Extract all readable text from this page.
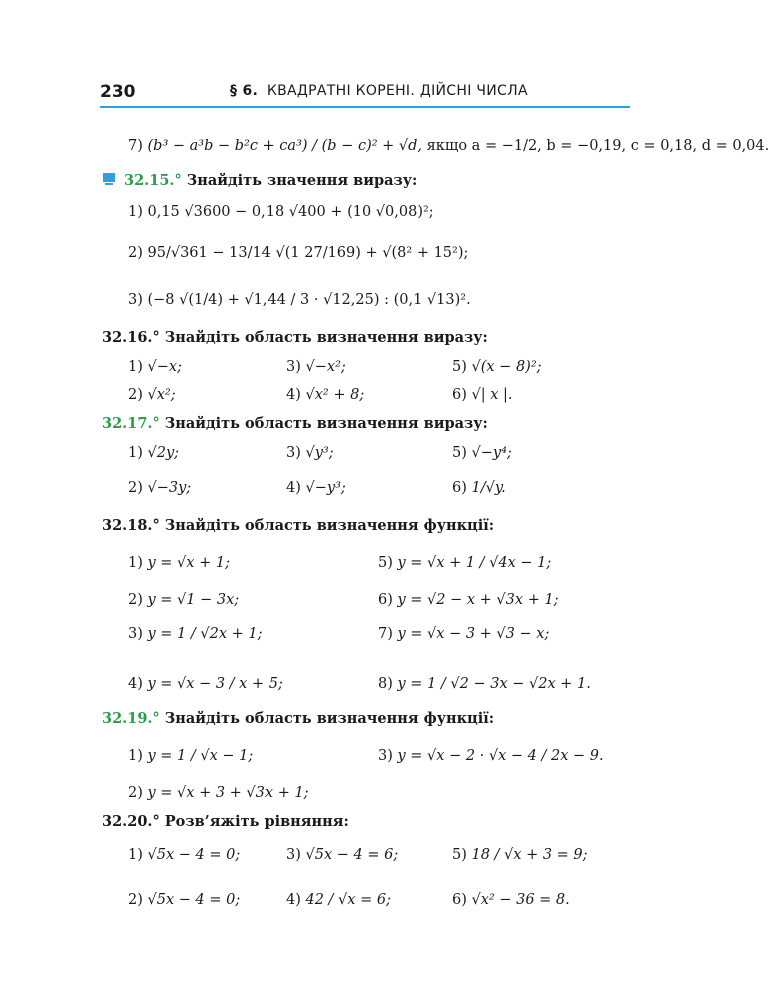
230	§ 6. КВАДРАТНІ КОРЕНІ. ДІЙСНІ ЧИСЛА
7) (b³ − a³b − b²c + ca³) / (b − c)² + √d, якщо a = −1/2, b = −0,19, c = 0,18, d = 0,04.
32.15.° Знайдіть значення виразу:
1) 0,15 √3600 − 0,18 √400 + (10 √0,08)²;
2) 95/√361 − 13/14 √(1 27/169) + √(8² + 15²);
3) (−8 √(1/4) + √1,44 / 3 · √12,25) : (0,1 √13)².
32.16.° Знайдіть область визначення виразу:
1) √−x;	3) √−x²;	5) √(x − 8)²;
2) √x²;	4) √x² + 8;	6) √| x |.
32.17.° Знайдіть область визначення виразу:
1) √2y;	3) √y³;	5) √−y⁴;
2) √−3y;	4) √−y³;	6) 1/√y.
32.18.° Знайдіть область визначення функції:
1) y = √x + 1;	5) y = √x + 1 / √4x − 1;
2) y = √1 − 3x;	6) y = √2 − x + √3x + 1;
3) y = 1 / √2x + 1;	7) y = √x − 3 + √3 − x;
4) y = √x − 3 / x + 5;	8) y = 1 / √2 − 3x − √2x + 1.
32.19.° Знайдіть область визначення функції:
1) y = 1 / √x − 1;	3) y = √x − 2 · √x − 4 / 2x − 9.
2) y = √x + 3 + √3x + 1;
32.20.° Розв’яжіть рівняння:
1) √5x − 4 = 0;	3) √5x − 4 = 6;	5) 18 / √x + 3 = 9;
2) √5x − 4 = 0;	4) 42 / √x = 6;	6) √x² − 36 = 8.
